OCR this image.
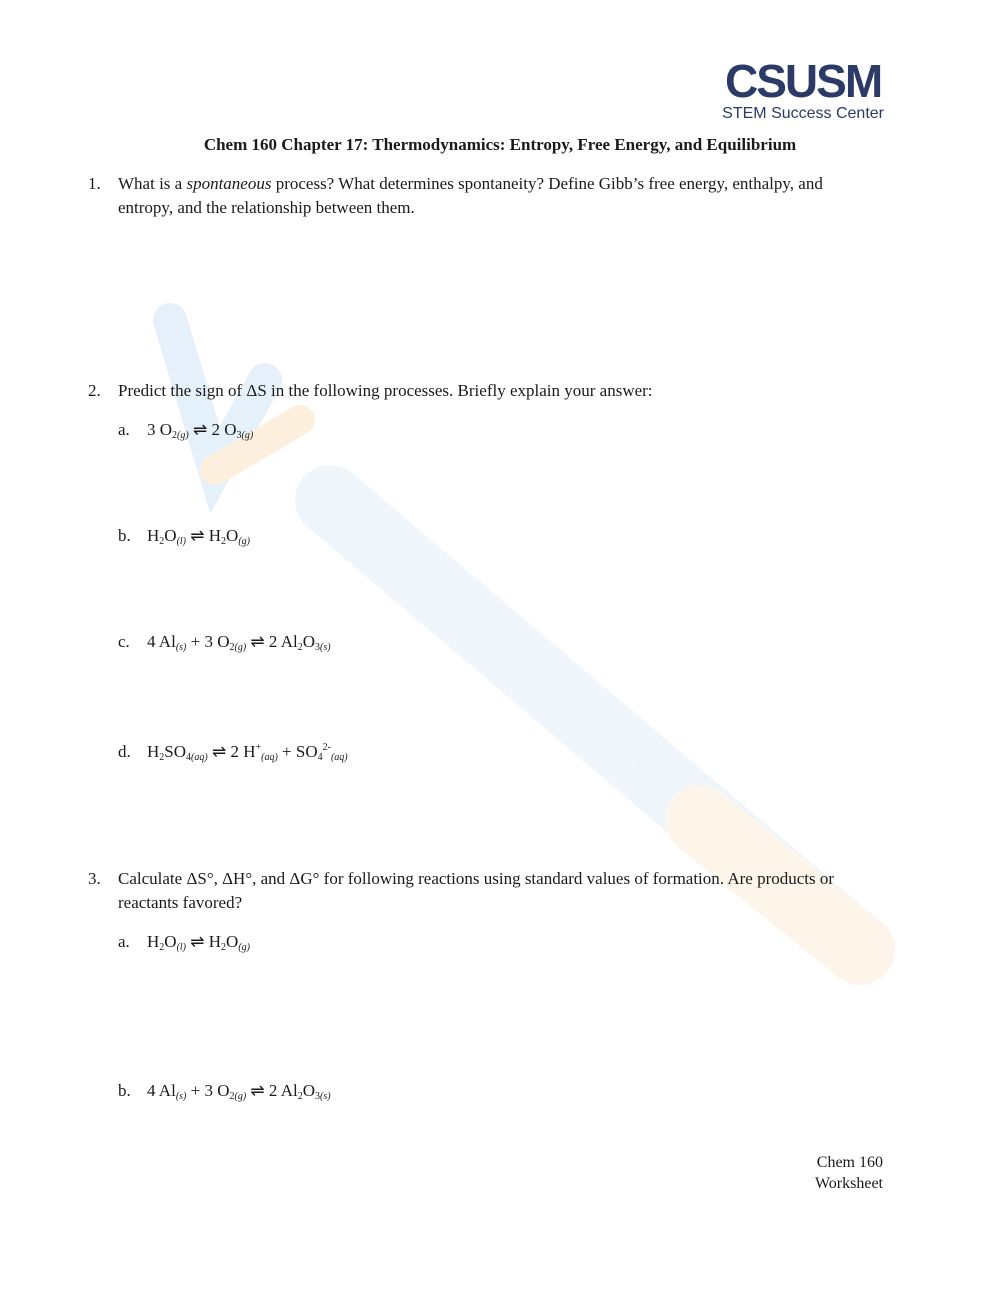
CSUSM
STEM Success Center
Chem 160 Chapter 17: Thermodynamics: Entropy, Free Energy, and Equilibrium
1. What is a spontaneous process? What determines spontaneity? Define Gibb’s free energy, enthalpy, and entropy, and the relationship between them.
2. Predict the sign of ΔS in the following processes. Briefly explain your answer:
a. 3 $O_{2(g)}$ ⇌ 2 $O_{3(g)}$
b. $H_2O_{(l)}$ ⇌ $H_2O_{(g)}$
c. 4 $Al_{(s)} + 3$ $O_{2(g)}$ ⇌ 2 $Al_2O_{3(s)}$
d. $H_2SO_{4(aq)}$ ⇌ 2 $H^+_{(aq)} + SO_4^{2-}_{(aq)}$
3. Calculate ΔS°, ΔH°, and ΔG° for following reactions using standard values of formation. Are products or reactants favored?
a. $H_2O_{(l)}$ ⇌ $H_2O_{(g)}$
b. 4 $Al_{(s)} + 3$ $O_{2(g)}$ ⇌ 2 $Al_2O_{3(s)}$
Chem 160
Worksheet
